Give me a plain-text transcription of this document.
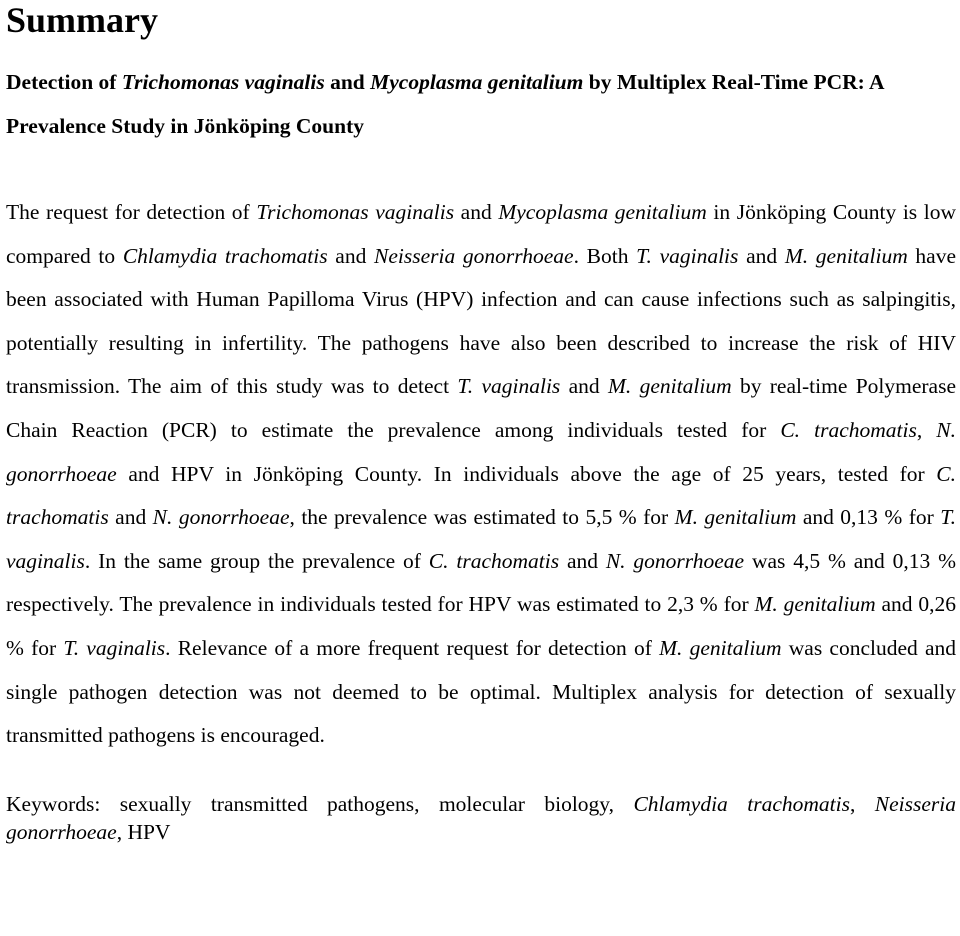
Summary

Detection of Trichomonas vaginalis and Mycoplasma genitalium by Multiplex Real-Time PCR: A Prevalence Study in Jönköping County

The request for detection of Trichomonas vaginalis and Mycoplasma genitalium in Jönköping County is low compared to Chlamydia trachomatis and Neisseria gonorrhoeae. Both T. vaginalis and M. genitalium have been associated with Human Papilloma Virus (HPV) infection and can cause infections such as salpingitis, potentially resulting in infertility. The pathogens have also been described to increase the risk of HIV transmission. The aim of this study was to detect T. vaginalis and M. genitalium by real-time Polymerase Chain Reaction (PCR) to estimate the prevalence among individuals tested for C. trachomatis, N. gonorrhoeae and HPV in Jönköping County. In individuals above the age of 25 years, tested for C. trachomatis and N. gonorrhoeae, the prevalence was estimated to 5,5 % for M. genitalium and 0,13 % for T. vaginalis. In the same group the prevalence of C. trachomatis and N. gonorrhoeae was 4,5 % and 0,13 % respectively. The prevalence in individuals tested for HPV was estimated to 2,3 % for M. genitalium and 0,26 % for T. vaginalis. Relevance of a more frequent request for detection of M. genitalium was concluded and single pathogen detection was not deemed to be optimal. Multiplex analysis for detection of sexually transmitted pathogens is encouraged.

Keywords: sexually transmitted pathogens, molecular biology, Chlamydia trachomatis, Neisseria gonorrhoeae, HPV
